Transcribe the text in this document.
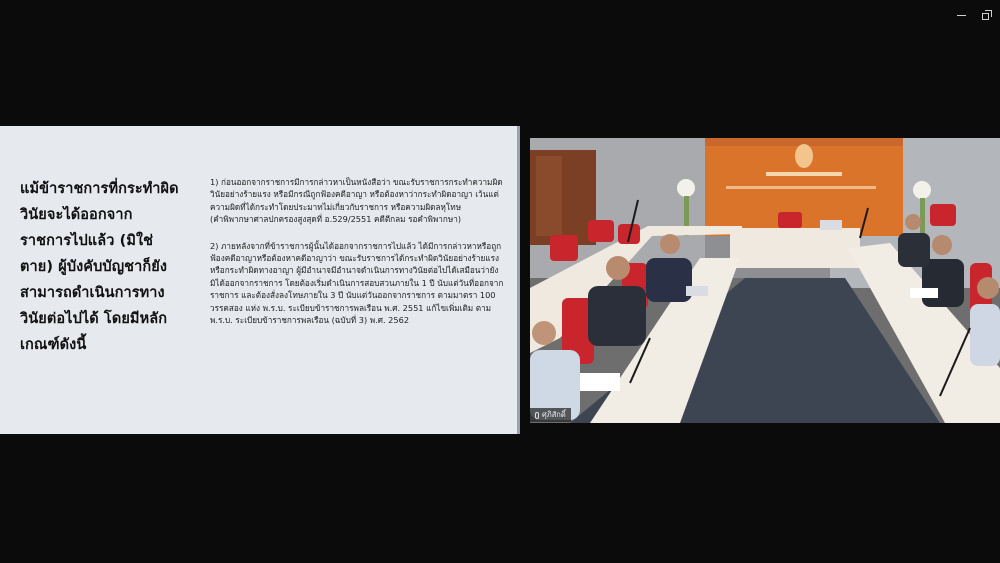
แม้ข้าราชการที่กระทำผิดวินัยจะได้ออกจากราชการไปแล้ว (มิใช่ตาย) ผู้บังคับบัญชาก็ยังสามารถดำเนินการทางวินัยต่อไปได้ โดยมีหลักเกณฑ์ดังนี้

1) ก่อนออกจากราชการมีการกล่าวหาเป็นหนังสือว่า ขณะรับราชการกระทำความผิดวินัยอย่างร้ายแรง หรือมีกรณีถูกฟ้องคดีอาญา หรือต้องหาว่ากระทำผิดอาญา เว้นแต่ความผิดที่ได้กระทำโดยประมาทไม่เกี่ยวกับราชการ หรือความผิดลหุโทษ
(คำพิพากษาศาลปกครองสูงสุดที่ อ.529/2551 คดีตีกลม รอคำพิพากษา)

2) ภายหลังจากที่ข้าราชการผู้นั้นได้ออกจากราชการไปแล้ว ได้มีการกล่าวหาหรือถูกฟ้องคดีอาญาหรือต้องหาคดีอาญาว่า ขณะรับราชการได้กระทำผิดวินัยอย่างร้ายแรงหรือกระทำผิดทางอาญา ผู้มีอำนาจมีอำนาจดำเนินการทางวินัยต่อไปได้เสมือนว่ายังมิได้ออกจากราชการ โดยต้องเริ่มดำเนินการสอบสวนภายใน 1 ปี นับแต่วันที่ออกจากราชการ และต้องสั่งลงโทษภายใน 3 ปี นับแต่วันออกจากราชการ ตามมาตรา 100 วรรคสอง แห่ง พ.ร.บ. ระเบียบข้าราชการพลเรือน พ.ศ. 2551 แก้ไขเพิ่มเติม ตาม พ.ร.บ. ระเบียบข้าราชการพลเรือน (ฉบับที่ 3) พ.ศ. 2562

ศุภิสักดิ์
